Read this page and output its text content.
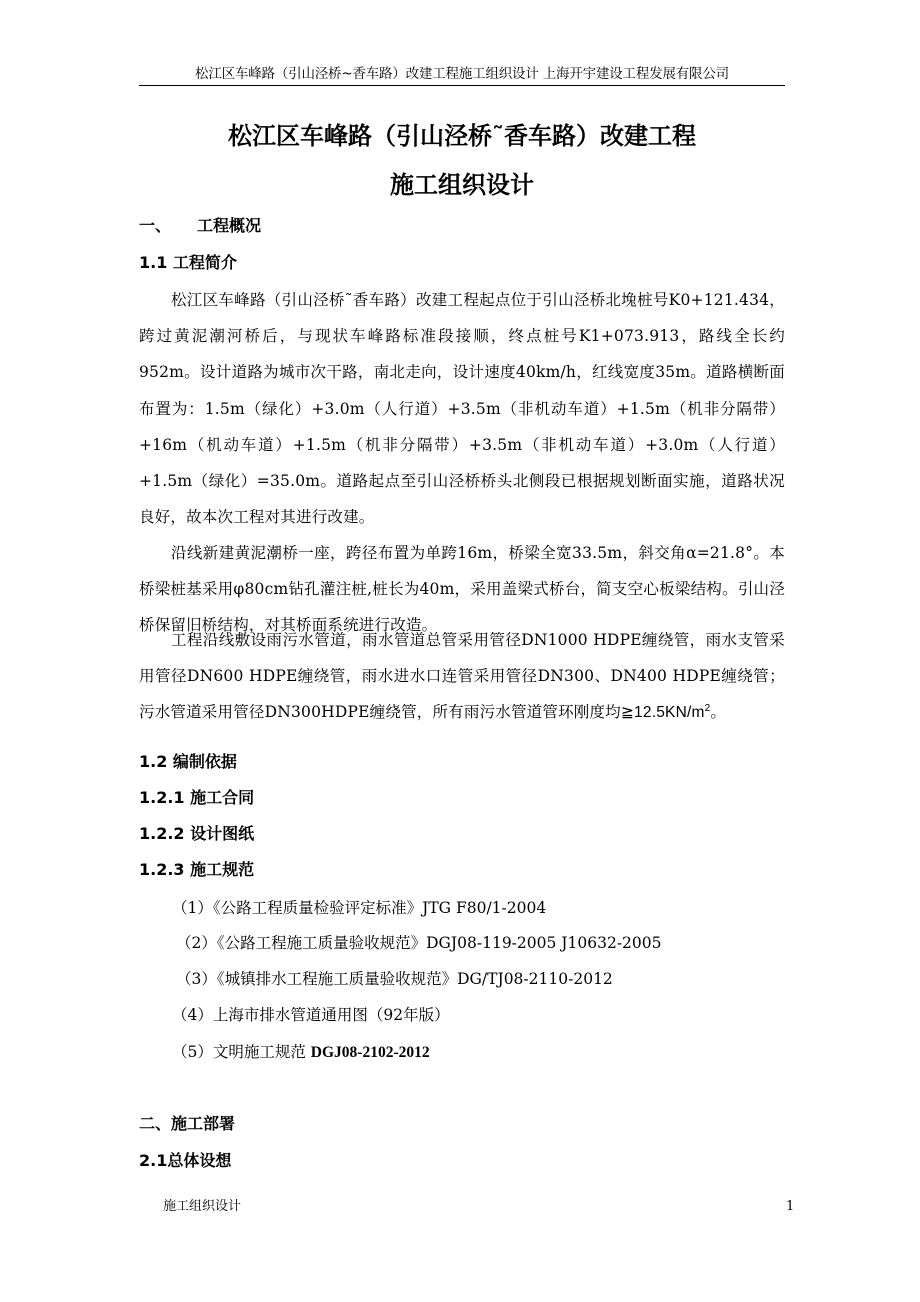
松江区车峰路（引山泾桥~香车路）改建工程施工组织设计 上海开宇建设工程发展有限公司
松江区车峰路（引山泾桥˜香车路）改建工程
施工组织设计
一、 工程概况
1.1 工程简介
松江区车峰路（引山泾桥˜香车路）改建工程起点位于引山泾桥北堍桩号K0+121.434，跨过黄泥潮河桥后，与现状车峰路标准段接顺，终点桩号K1+073.913，路线全长约952m。设计道路为城市次干路，南北走向，设计速度40km/h，红线宽度35m。道路横断面布置为：1.5m（绿化）+3.0m（人行道）+3.5m（非机动车道）+1.5m（机非分隔带）+16m（机动车道）+1.5m（机非分隔带）+3.5m（非机动车道）+3.0m（人行道）+1.5m（绿化）=35.0m。道路起点至引山泾桥桥头北侧段已根据规划断面实施，道路状况良好，故本次工程对其进行改建。
沿线新建黄泥潮桥一座，跨径布置为单跨16m，桥梁全宽33.5m，斜交角α=21.8°。本桥梁桩基采用φ80cm钻孔灌注桩,桩长为40m，采用盖梁式桥台，简支空心板梁结构。引山泾桥保留旧桥结构，对其桥面系统进行改造。
工程沿线敷设雨污水管道，雨水管道总管采用管径DN1000 HDPE缠绕管，雨水支管采用管径DN600 HDPE缠绕管，雨水进水口连管采用管径DN300、DN400 HDPE缠绕管；污水管道采用管径DN300HDPE缠绕管，所有雨污水管道管环刚度均$≧12.5KN/m^2$。
1.2 编制依据
1.2.1 施工合同
1.2.2 设计图纸
1.2.3 施工规范
（1）《公路工程质量检验评定标准》JTG F80/1-2004
（2）《公路工程施工质量验收规范》DGJ08-119-2005 J10632-2005
（3）《城镇排水工程施工质量验收规范》DG/TJ08-2110-2012
（4）上海市排水管道通用图（92年版）
（5）文明施工规范 DGJ08-2102-2012
二、施工部署
2.1总体设想
施工组织设计	1
